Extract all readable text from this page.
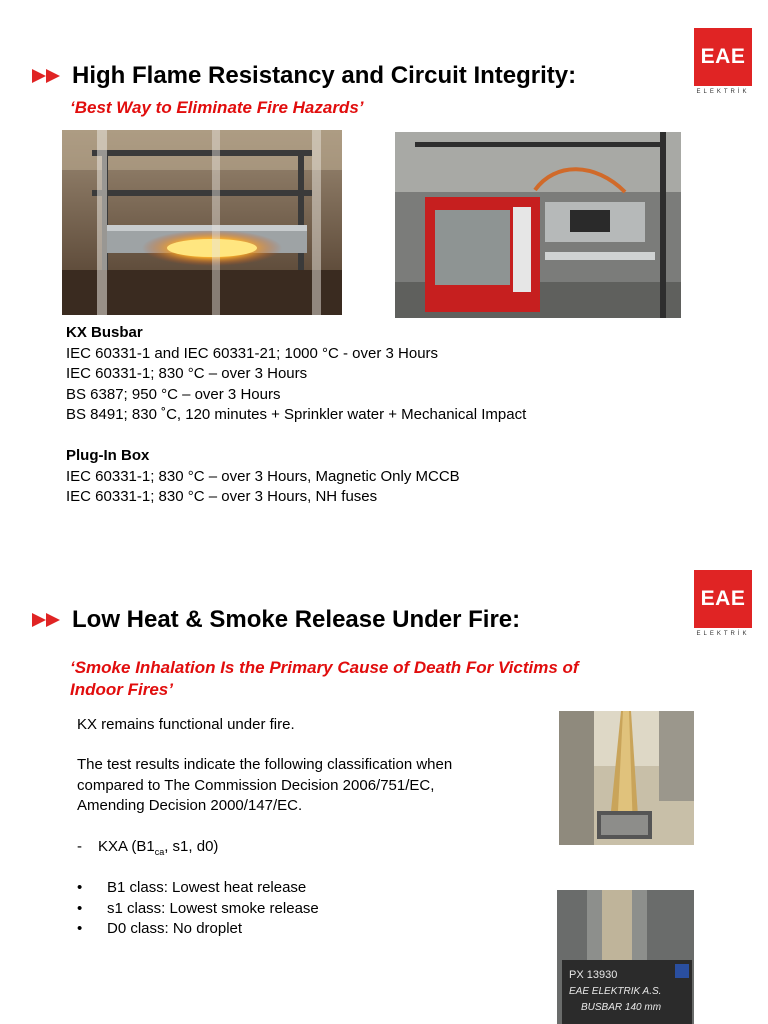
EAE
ELEKTRİK
High Flame Resistancy and Circuit Integrity:
‘Best Way to Eliminate Fire Hazards’
KX Busbar
IEC 60331-1 and IEC 60331-21; 1000 °C - over 3 Hours
IEC 60331-1; 830 °C – over 3 Hours
BS 6387; 950 °C – over 3 Hours
BS 8491; 830 ˚C, 120 minutes + Sprinkler water + Mechanical Impact
Plug-In Box
IEC 60331-1; 830 °C – over 3 Hours, Magnetic Only MCCB
IEC 60331-1; 830 °C – over 3 Hours, NH fuses
EAE
ELEKTRİK
Low Heat & Smoke Release Under Fire:
‘Smoke Inhalation Is the Primary Cause of Death For Victims of
Indoor Fires’
KX remains functional under fire.
The test results indicate the following classification when
compared to The Commission Decision 2006/751/EC,
Amending Decision 2000/147/EC.
- KXA ($B1_{ca}$, s1, d0)
•	B1 class: Lowest heat release
•	s1 class: Lowest smoke release
•	D0 class: No droplet
PX 13930
EAE ELEKTRIK A.S.
BUSBAR 140 mm
